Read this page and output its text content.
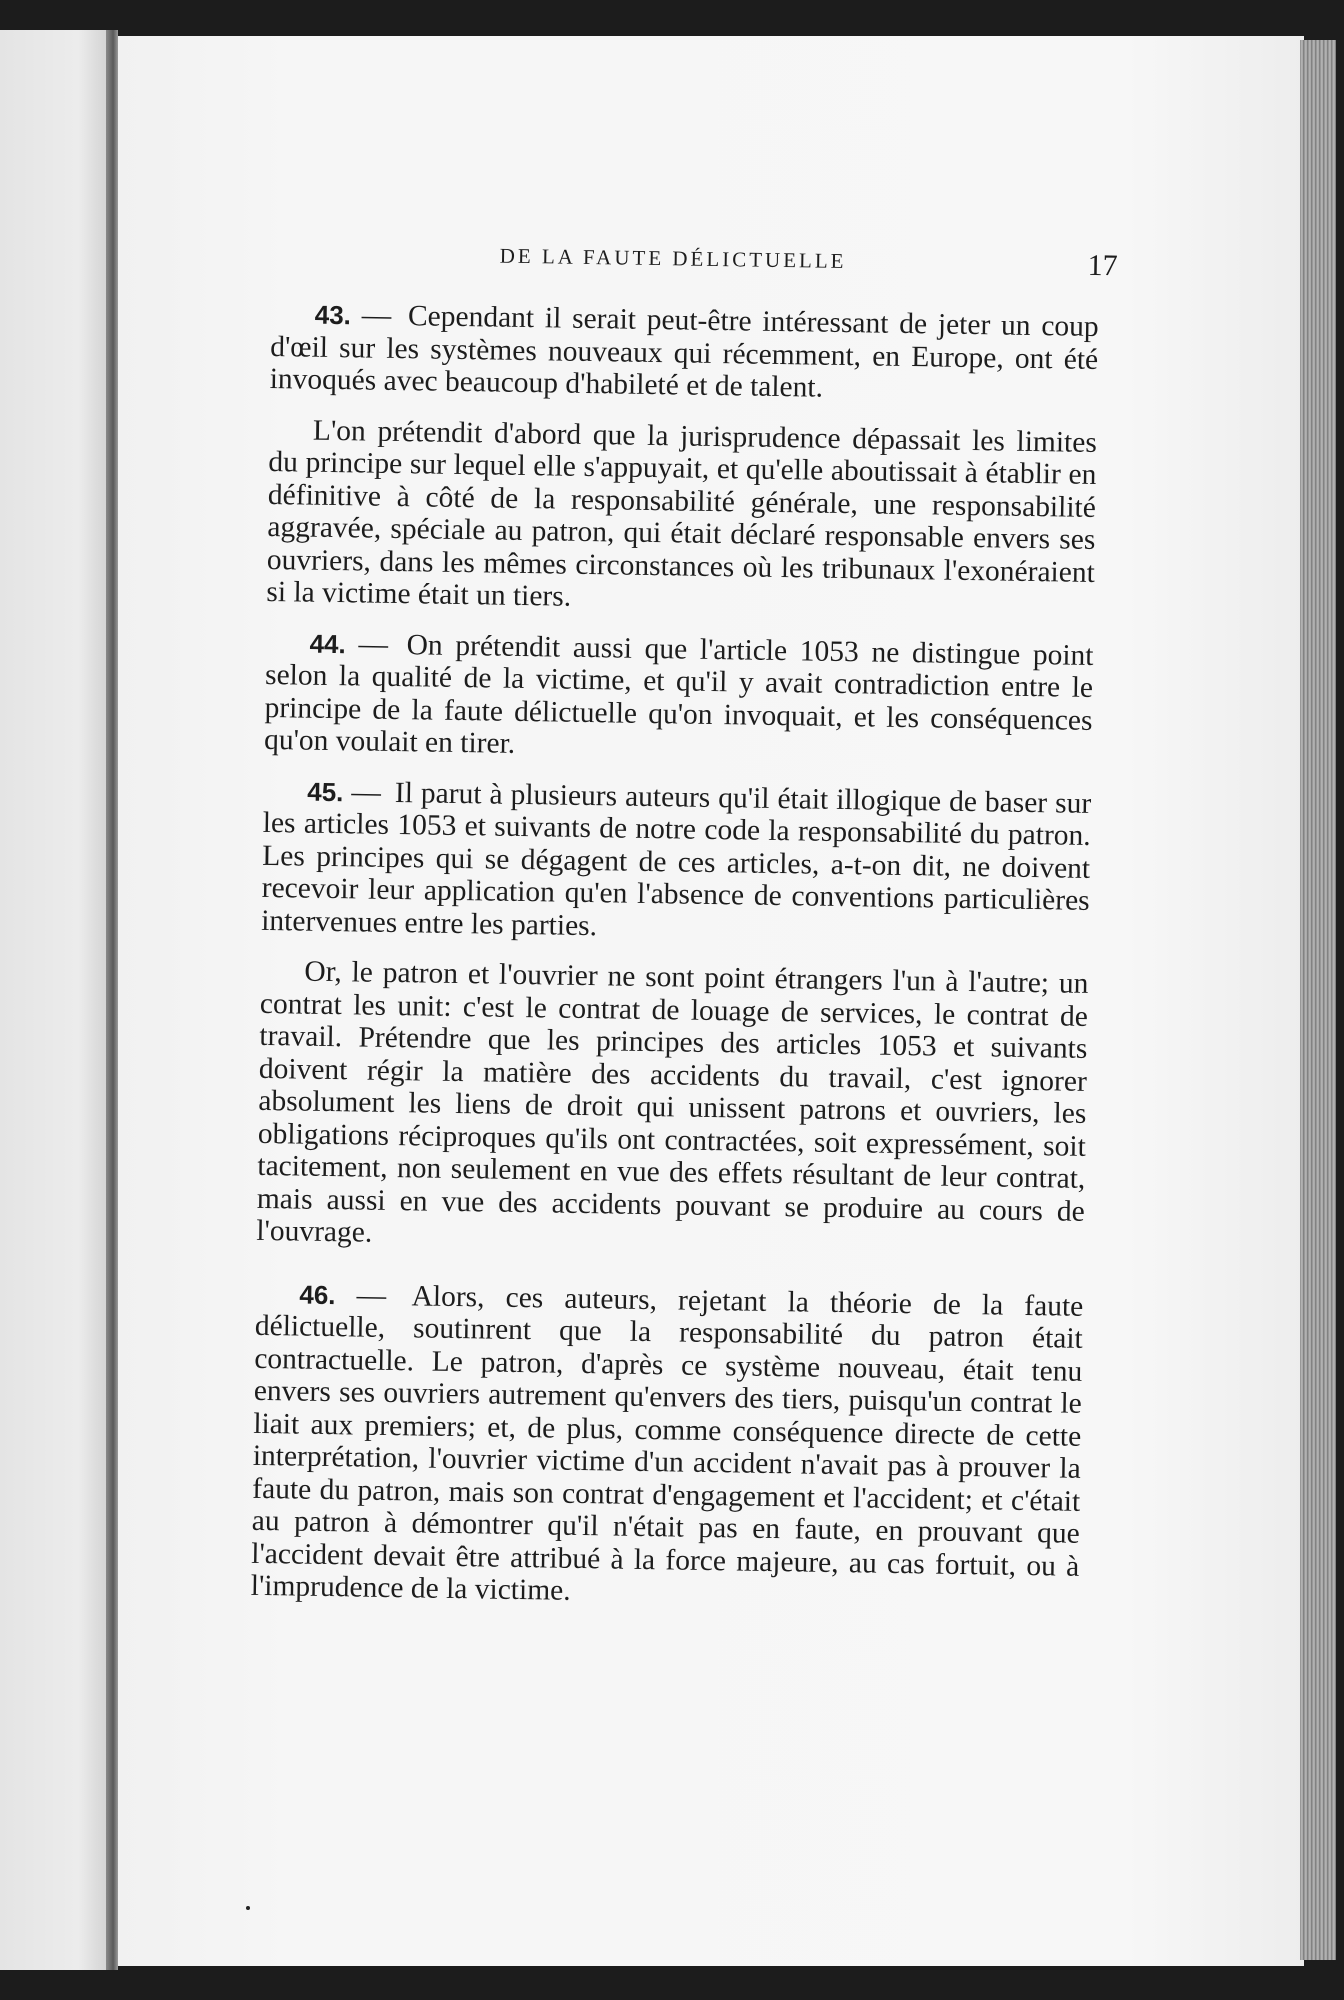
DE LA FAUTE DÉLICTUELLE	17

43. — Cependant il serait peut-être intéressant de jeter un coup d'œil sur les systèmes nouveaux qui récemment, en Europe, ont été invoqués avec beaucoup d'habileté et de talent.

L'on prétendit d'abord que la jurisprudence dépassait les limites du principe sur lequel elle s'appuyait, et qu'elle aboutissait à établir en définitive à côté de la responsabilité générale, une responsabilité aggravée, spéciale au patron, qui était déclaré responsable envers ses ouvriers, dans les mêmes circonstances où les tribunaux l'exonéraient si la victime était un tiers.

44. — On prétendit aussi que l'article 1053 ne distingue point selon la qualité de la victime, et qu'il y avait contradiction entre le principe de la faute délictuelle qu'on invoquait, et les conséquences qu'on voulait en tirer.

45. — Il parut à plusieurs auteurs qu'il était illogique de baser sur les articles 1053 et suivants de notre code la responsabilité du patron. Les principes qui se dégagent de ces articles, a-t-on dit, ne doivent recevoir leur application qu'en l'absence de conventions particulières intervenues entre les parties.

Or, le patron et l'ouvrier ne sont point étrangers l'un à l'autre; un contrat les unit: c'est le contrat de louage de services, le contrat de travail. Prétendre que les principes des articles 1053 et suivants doivent régir la matière des accidents du travail, c'est ignorer absolument les liens de droit qui unissent patrons et ouvriers, les obligations réciproques qu'ils ont contractées, soit expressément, soit tacitement, non seulement en vue des effets résultant de leur contrat, mais aussi en vue des accidents pouvant se produire au cours de l'ouvrage.

46. — Alors, ces auteurs, rejetant la théorie de la faute délictuelle, soutinrent que la responsabilité du patron était contractuelle. Le patron, d'après ce système nouveau, était tenu envers ses ouvriers autrement qu'envers des tiers, puisqu'un contrat le liait aux premiers; et, de plus, comme conséquence directe de cette interprétation, l'ouvrier victime d'un accident n'avait pas à prouver la faute du patron, mais son contrat d'engagement et l'accident; et c'était au patron à démontrer qu'il n'était pas en faute, en prouvant que l'accident devait être attribué à la force majeure, au cas fortuit, ou à l'imprudence de la victime.
